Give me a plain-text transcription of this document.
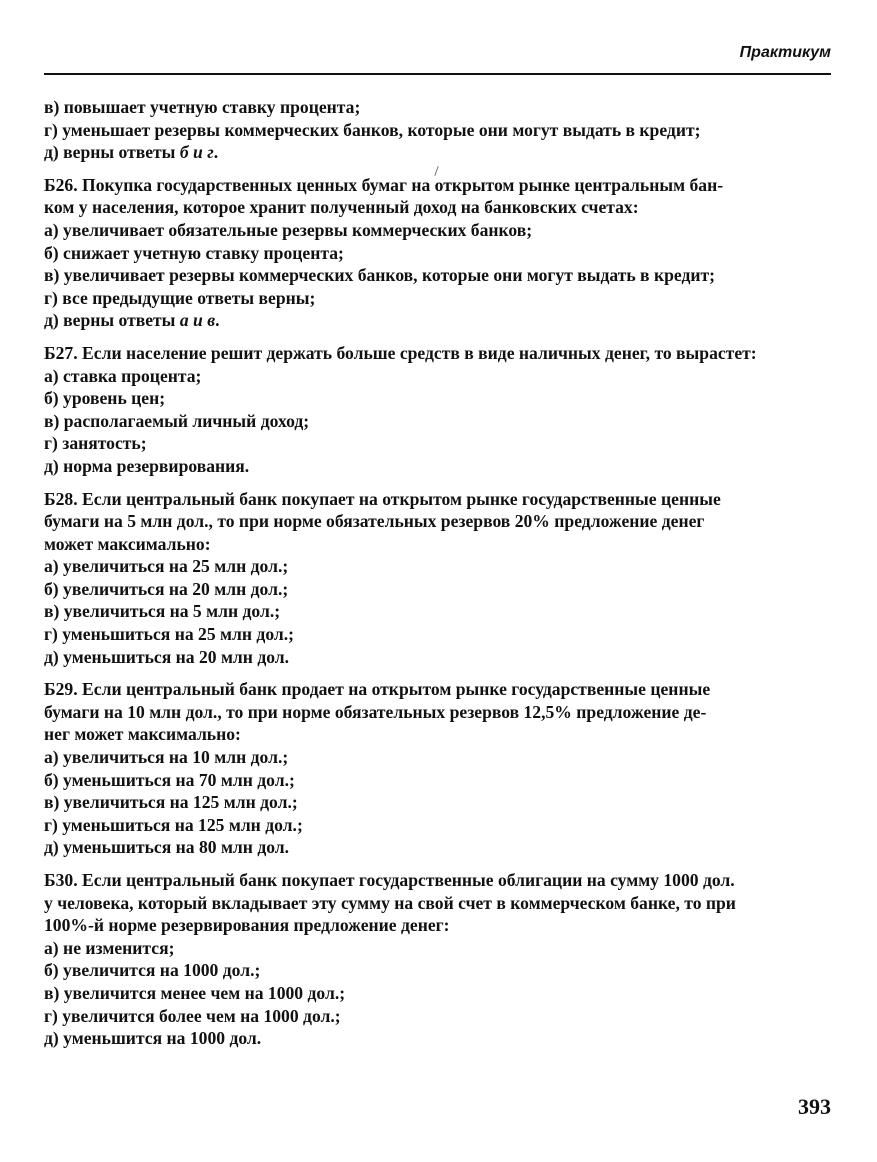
Практикум
в) повышает учетную ставку процента;
г) уменьшает резервы коммерческих банков, которые они могут выдать в кредит;
д) верны ответы б и г.
Б26. Покупка государственных ценных бумаг на открытом рынке центральным бан-
ком у населения, которое хранит полученный доход на банковских счетах:
а) увеличивает обязательные резервы коммерческих банков;
б) снижает учетную ставку процента;
в) увеличивает резервы коммерческих банков, которые они могут выдать в кредит;
г) все предыдущие ответы верны;
д) верны ответы а и в.
Б27. Если население решит держать больше средств в виде наличных денег, то вырастет:
а) ставка процента;
б) уровень цен;
в) располагаемый личный доход;
г) занятость;
д) норма резервирования.
Б28. Если центральный банк покупает на открытом рынке государственные ценные
бумаги на 5 млн дол., то при норме обязательных резервов 20% предложение денег
может максимально:
а) увеличиться на 25 млн дол.;
б) увеличиться на 20 млн дол.;
в) увеличиться на 5 млн дол.;
г) уменьшиться на 25 млн дол.;
д) уменьшиться на 20 млн дол.
Б29. Если центральный банк продает на открытом рынке государственные ценные
бумаги на 10 млн дол., то при норме обязательных резервов 12,5% предложение де-
нег может максимально:
а) увеличиться на 10 млн дол.;
б) уменьшиться на 70 млн дол.;
в) увеличиться на 125 млн дол.;
г) уменьшиться на 125 млн дол.;
д) уменьшиться на 80 млн дол.
Б30. Если центральный банк покупает государственные облигации на сумму 1000 дол.
у человека, который вкладывает эту сумму на свой счет в коммерческом банке, то при
100%-й норме резервирования предложение денег:
а) не изменится;
б) увеличится на 1000 дол.;
в) увеличится менее чем на 1000 дол.;
г) увеличится более чем на 1000 дол.;
д) уменьшится на 1000 дол.
393
